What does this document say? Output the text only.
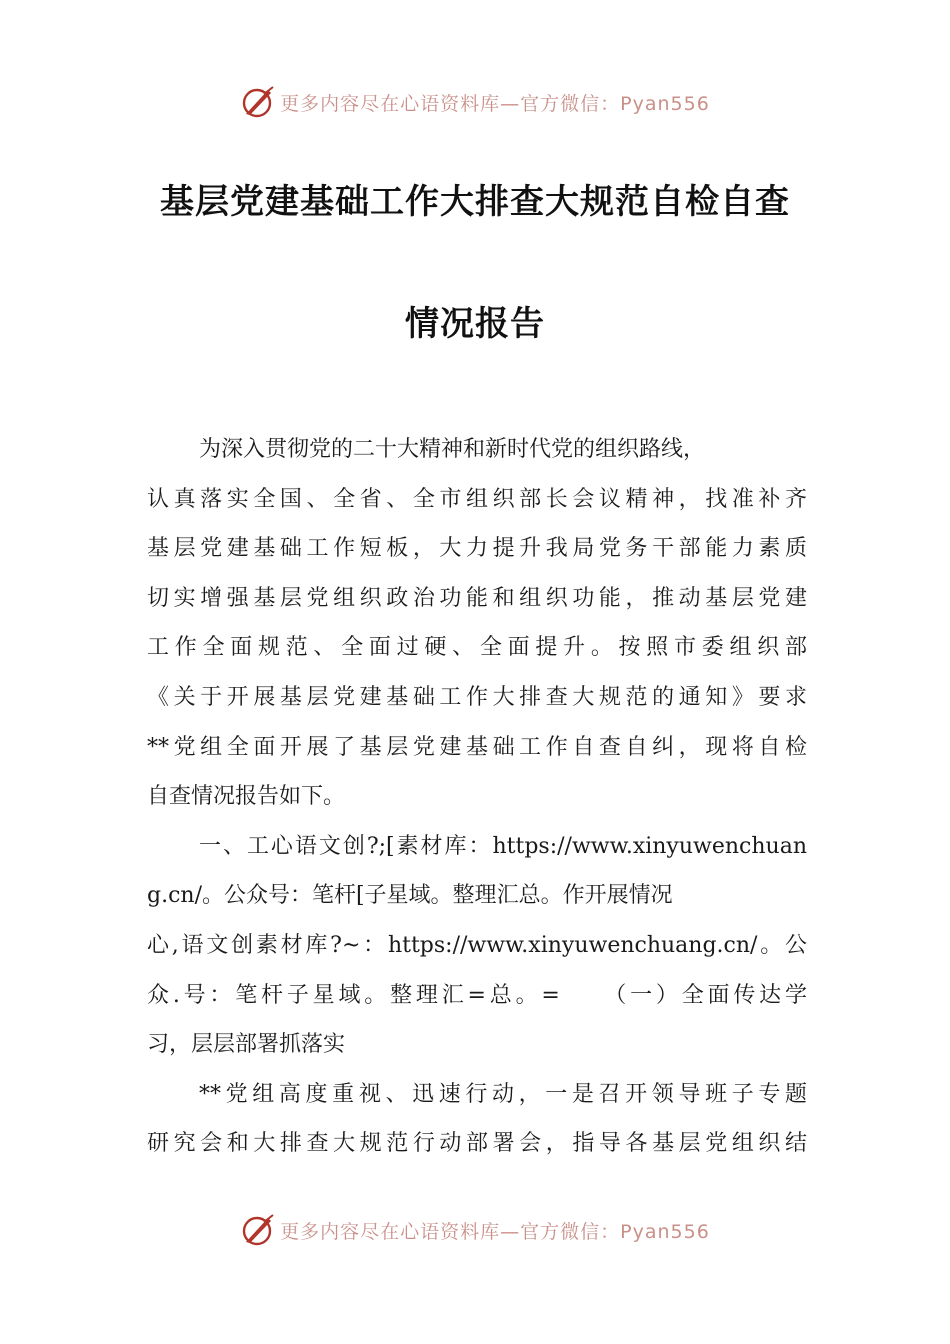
更多内容尽在心语资料库—官方微信：Pyan556
基层党建基础工作大排查大规范自检自查
情况报告
为深入贯彻党的二十大精神和新时代党的组织路线，
认真落实全国、全省、全市组织部长会议精神，找准补齐
基层党建基础工作短板，大力提升我局党务干部能力素质
切实增强基层党组织政治功能和组织功能，推动基层党建
工作全面规范、全面过硬、全面提升。按照市委组织部
《关于开展基层党建基础工作大排查大规范的通知》要求
**党组全面开展了基层党建基础工作自查自纠，现将自检
自查情况报告如下。
一、工心语文创?;[素材库：https://www.xinyuwenchuan
g.cn/。公众号：笔杆[子星域。整理汇总。作开展情况
心,语文创素材库?~：https://www.xinyuwenchuang.cn/。公
众.号：笔杆子星域。整理汇=总。=　　（一）全面传达学
习，层层部署抓落实
**党组高度重视、迅速行动，一是召开领导班子专题
研究会和大排查大规范行动部署会，指导各基层党组织结
更多内容尽在心语资料库—官方微信：Pyan556
